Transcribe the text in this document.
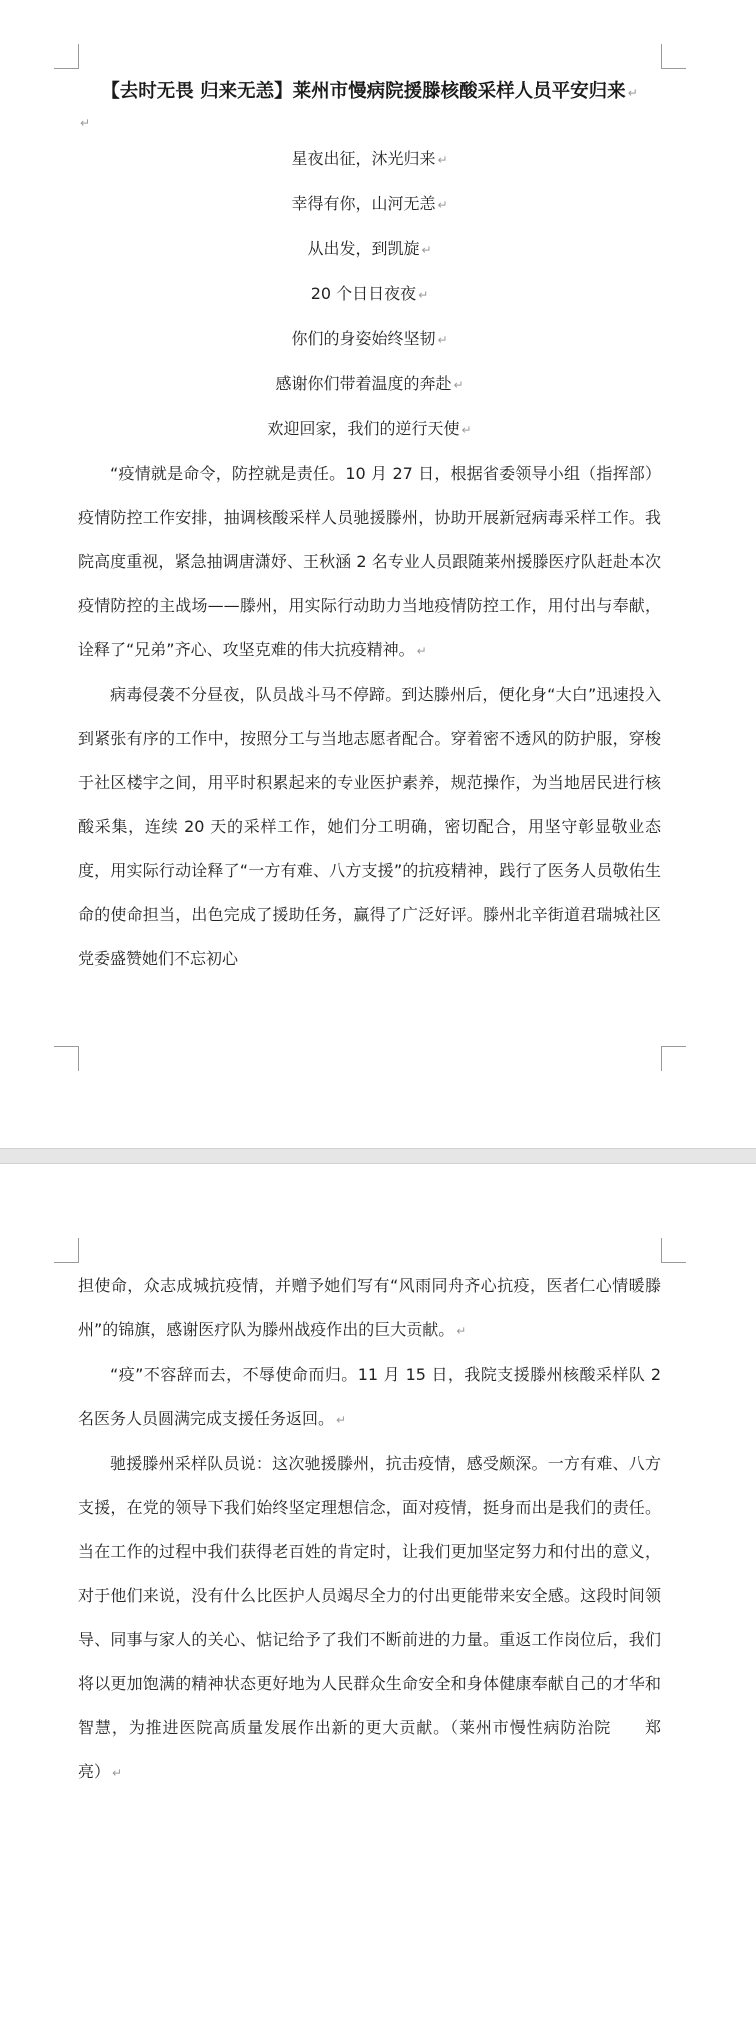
【去时无畏 归来无恙】莱州市慢病院援滕核酸采样人员平安归来 ↵
↵
星夜出征，沐光归来 ↵
幸得有你，山河无恙 ↵
从出发，到凯旋 ↵
20 个日日夜夜 ↵
你们的身姿始终坚韧 ↵
感谢你们带着温度的奔赴 ↵
欢迎回家，我们的逆行天使 ↵

“疫情就是命令，防控就是责任。10 月 27 日，根据省委领导小组（指挥部）疫情防控工作安排，抽调核酸采样人员驰援滕州，协助开展新冠病毒采样工作。我院高度重视，紧急抽调唐潇妤、王秋涵 2 名专业人员跟随莱州援滕医疗队赶赴本次疫情防控的主战场——滕州，用实际行动助力当地疫情防控工作，用付出与奉献，诠释了“兄弟”齐心、攻坚克难的伟大抗疫精神。 ↵

病毒侵袭不分昼夜，队员战斗马不停蹄。到达滕州后，便化身“大白”迅速投入到紧张有序的工作中，按照分工与当地志愿者配合。穿着密不透风的防护服，穿梭于社区楼宇之间，用平时积累起来的专业医护素养，规范操作，为当地居民进行核酸采集，连续 20 天的采样工作，她们分工明确，密切配合，用坚守彰显敬业态度，用实际行动诠释了“一方有难、八方支援”的抗疫精神，践行了医务人员敬佑生命的使命担当，出色完成了援助任务，赢得了广泛好评。滕州北辛街道君瑞城社区党委盛赞她们不忘初心

担使命，众志成城抗疫情，并赠予她们写有“风雨同舟齐心抗疫，医者仁心情暖滕州”的锦旗，感谢医疗队为滕州战疫作出的巨大贡献。 ↵

“疫”不容辞而去，不辱使命而归。11 月 15 日，我院支援滕州核酸采样队 2 名医务人员圆满完成支援任务返回。 ↵

驰援滕州采样队员说：这次驰援滕州，抗击疫情，感受颇深。一方有难、八方支援，在党的领导下我们始终坚定理想信念，面对疫情，挺身而出是我们的责任。当在工作的过程中我们获得老百姓的肯定时，让我们更加坚定努力和付出的意义，对于他们来说，没有什么比医护人员竭尽全力的付出更能带来安全感。这段时间领导、同事与家人的关心、惦记给予了我们不断前进的力量。重返工作岗位后，我们将以更加饱满的精神状态更好地为人民群众生命安全和身体健康奉献自己的才华和智慧，为推进医院高质量发展作出新的更大贡献。（莱州市慢性病防治院　　郑　亮） ↵
